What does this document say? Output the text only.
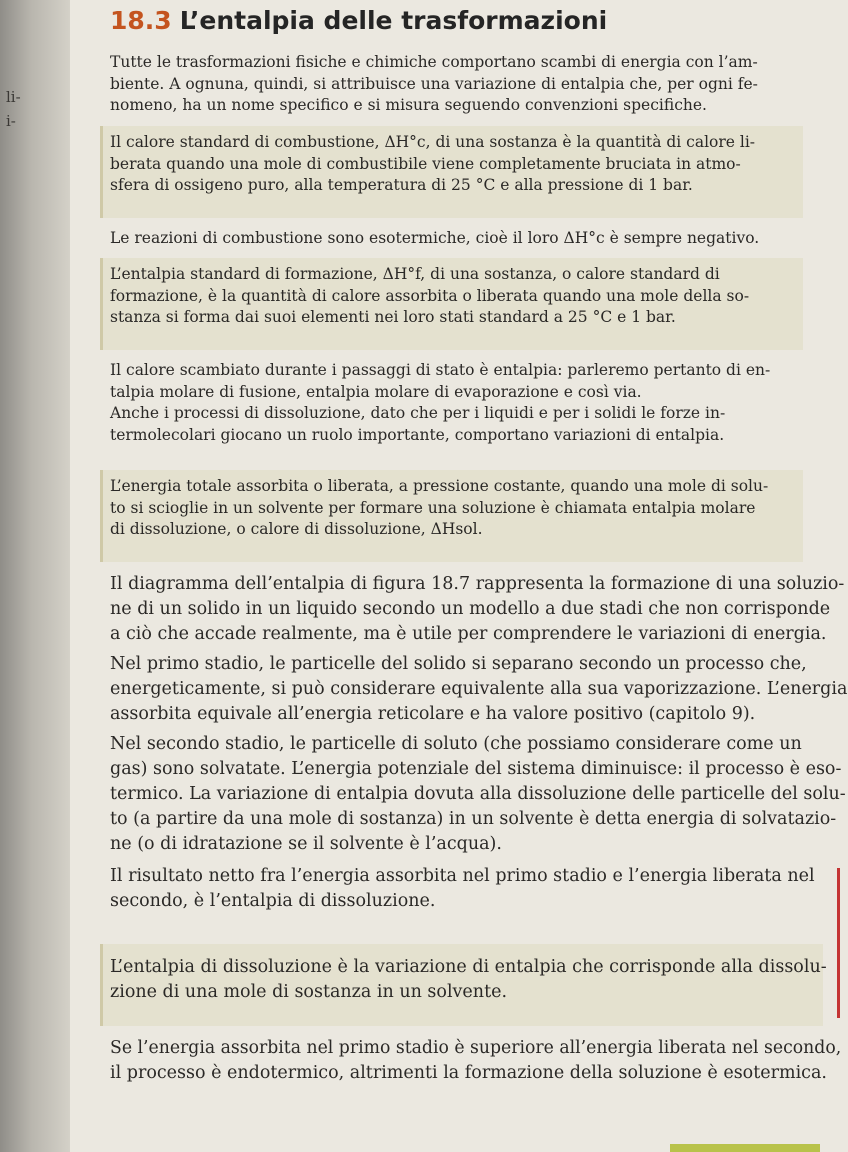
li-
i-
18.3 L’entalpia delle trasformazioni
Tutte le trasformazioni fisiche e chimiche comportano scambi di energia con l’am-
biente. A ognuna, quindi, si attribuisce una variazione di entalpia che, per ogni fe-
nomeno, ha un nome specifico e si misura seguendo convenzioni specifiche.
Il calore standard di combustione, ΔH°c, di una sostanza è la quantità di calore li-
berata quando una mole di combustibile viene completamente bruciata in atmo-
sfera di ossigeno puro, alla temperatura di 25 °C e alla pressione di 1 bar.
Le reazioni di combustione sono esotermiche, cioè il loro ΔH°c è sempre negativo.
L’entalpia standard di formazione, ΔH°f, di una sostanza, o calore standard di
formazione, è la quantità di calore assorbita o liberata quando una mole della so-
stanza si forma dai suoi elementi nei loro stati standard a 25 °C e 1 bar.
Il calore scambiato durante i passaggi di stato è entalpia: parleremo pertanto di en-
talpia molare di fusione, entalpia molare di evaporazione e così via.
Anche i processi di dissoluzione, dato che per i liquidi e per i solidi le forze in-
termolecolari giocano un ruolo importante, comportano variazioni di entalpia.
L’energia totale assorbita o liberata, a pressione costante, quando una mole di solu-
to si scioglie in un solvente per formare una soluzione è chiamata entalpia molare
di dissoluzione, o calore di dissoluzione, ΔHsol.
Il diagramma dell’entalpia di figura 18.7 rappresenta la formazione di una soluzio-
ne di un solido in un liquido secondo un modello a due stadi che non corrisponde
a ciò che accade realmente, ma è utile per comprendere le variazioni di energia.
Nel primo stadio, le particelle del solido si separano secondo un processo che,
energeticamente, si può considerare equivalente alla sua vaporizzazione. L’energia
assorbita equivale all’energia reticolare e ha valore positivo (capitolo 9).
Nel secondo stadio, le particelle di soluto (che possiamo considerare come un
gas) sono solvatate. L’energia potenziale del sistema diminuisce: il processo è eso-
termico. La variazione di entalpia dovuta alla dissoluzione delle particelle del solu-
to (a partire da una mole di sostanza) in un solvente è detta energia di solvatazio-
ne (o di idratazione se il solvente è l’acqua).
Il risultato netto fra l’energia assorbita nel primo stadio e l’energia liberata nel
secondo, è l’entalpia di dissoluzione.
L’entalpia di dissoluzione è la variazione di entalpia che corrisponde alla dissolu-
zione di una mole di sostanza in un solvente.
Se l’energia assorbita nel primo stadio è superiore all’energia liberata nel secondo,
il processo è endotermico, altrimenti la formazione della soluzione è esotermica.
